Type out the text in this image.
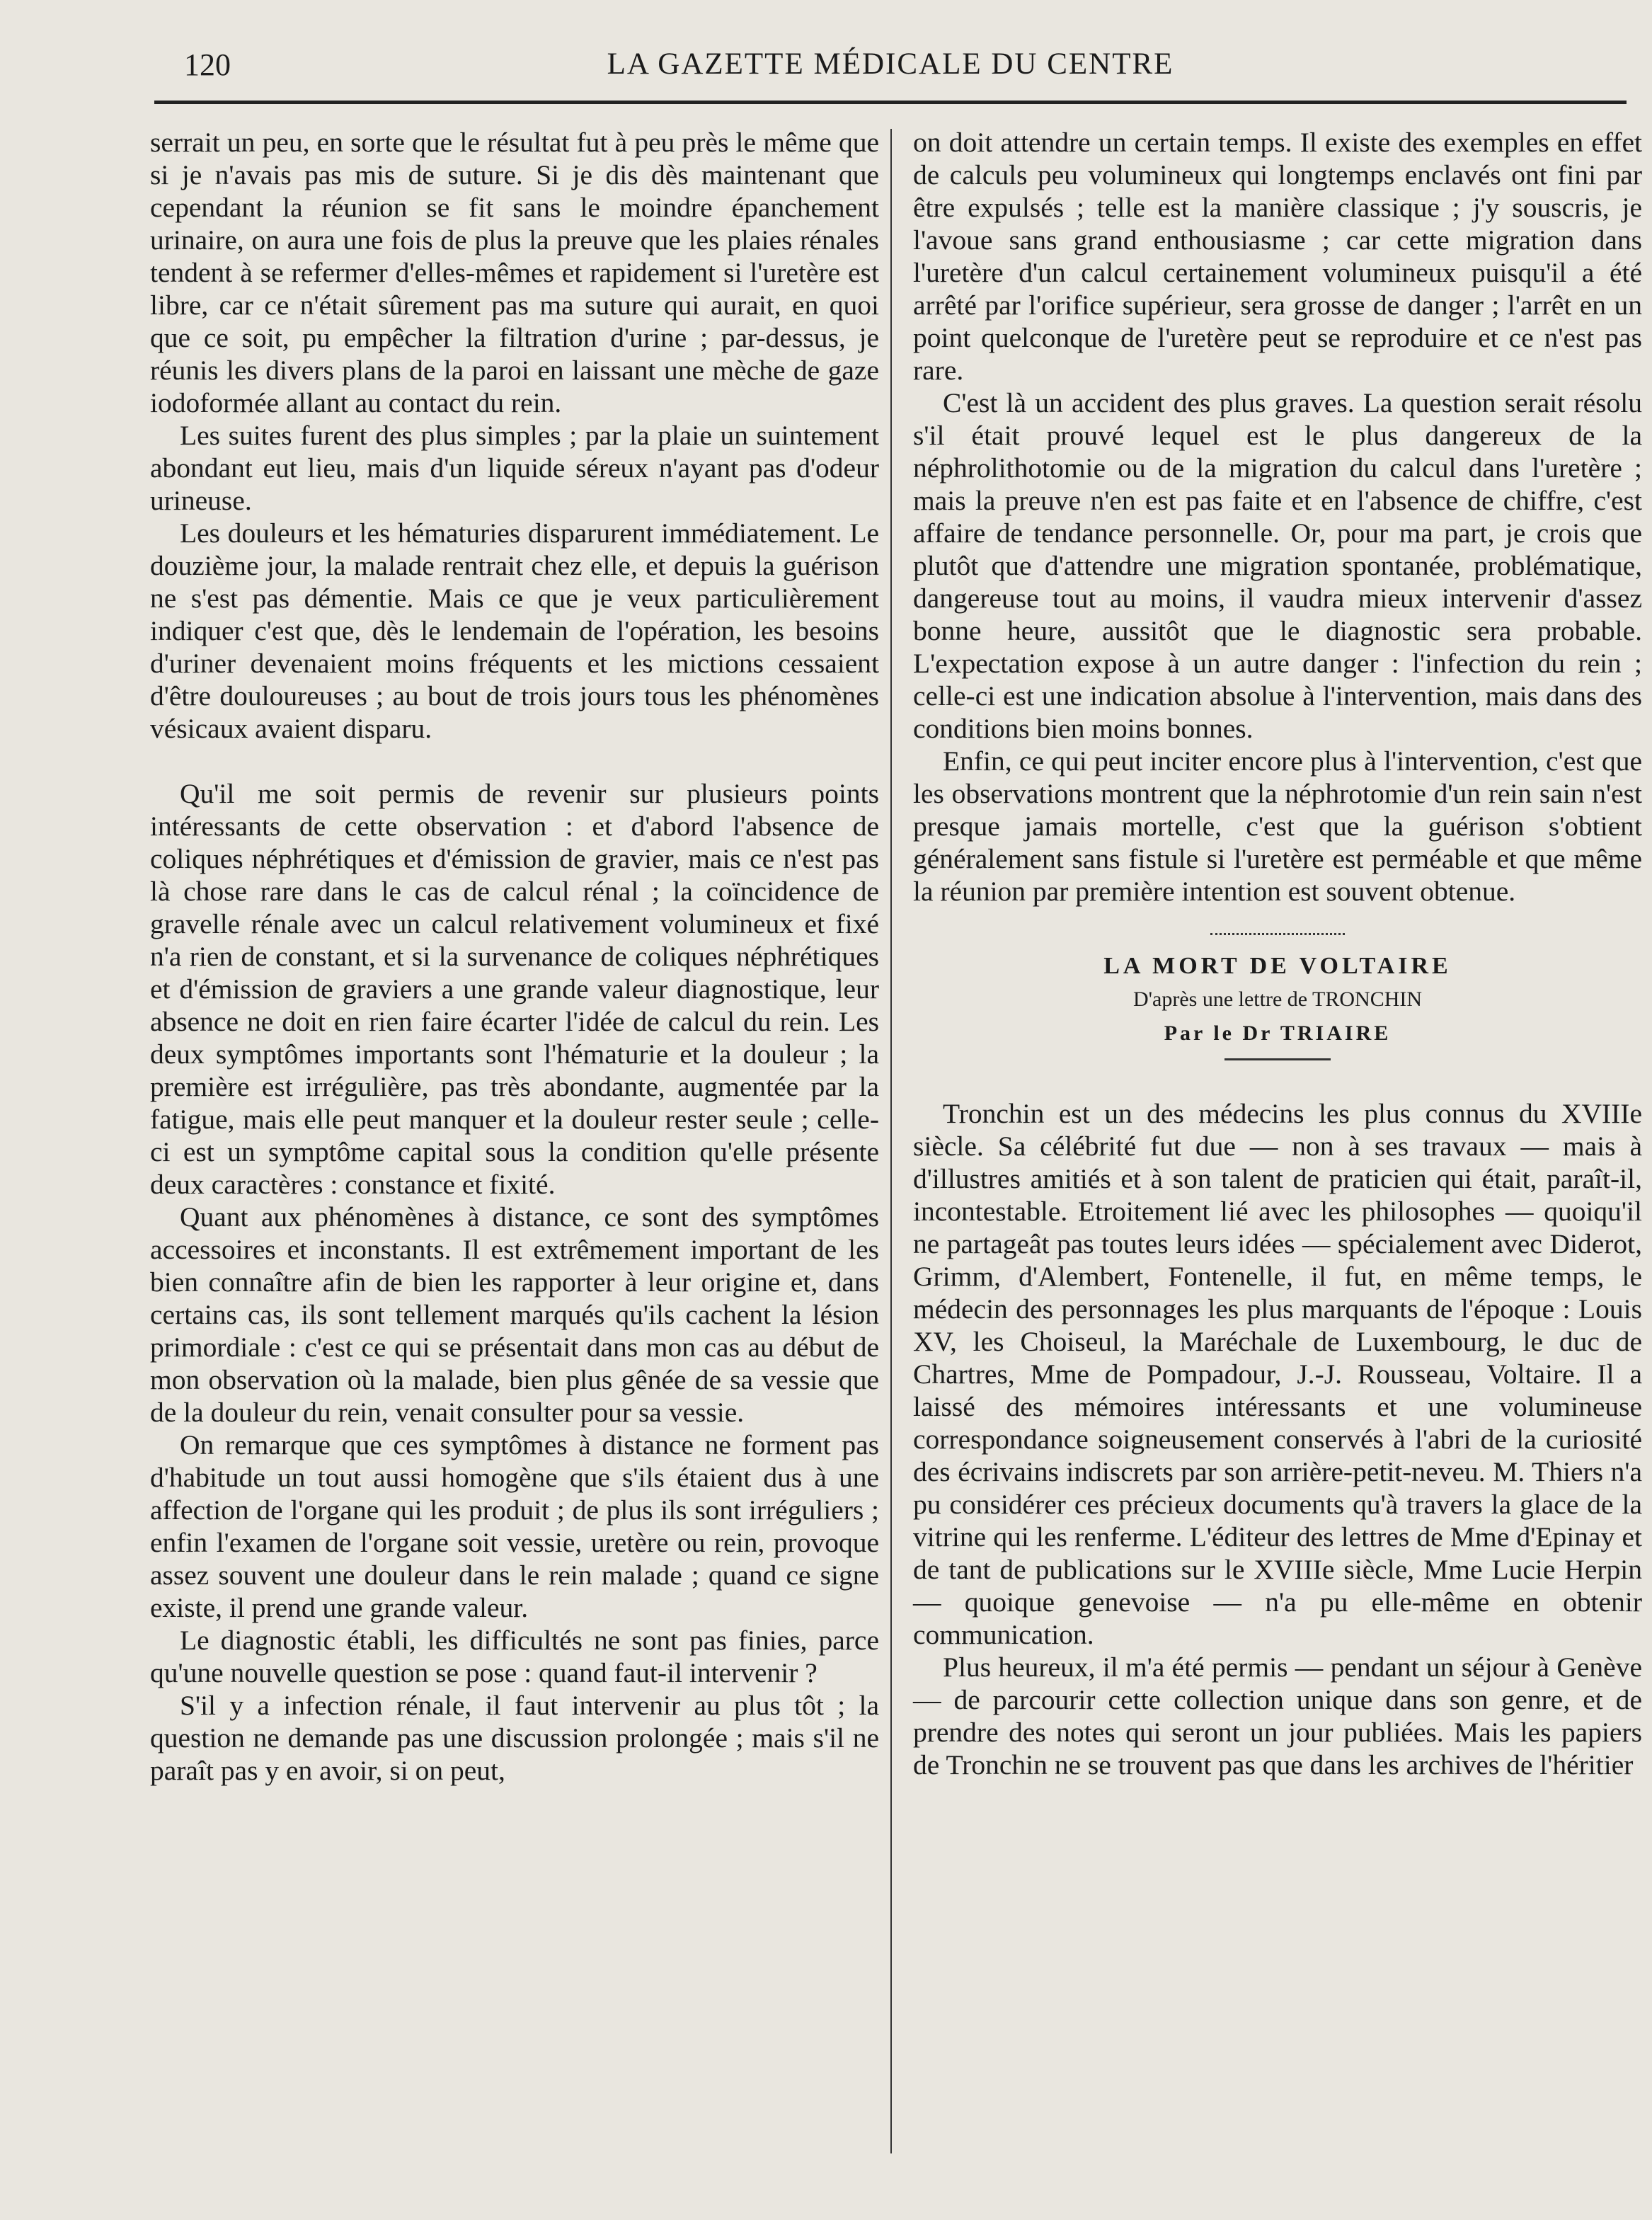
120	LA GAZETTE MÉDICALE DU CENTRE

serrait un peu, en sorte que le résultat fut à peu près le même que si je n'avais pas mis de suture. Si je dis dès maintenant que cependant la réunion se fit sans le moindre épanchement urinaire, on aura une fois de plus la preuve que les plaies rénales tendent à se refermer d'elles-mêmes et rapidement si l'uretère est libre, car ce n'était sûrement pas ma suture qui aurait, en quoi que ce soit, pu empêcher la filtration d'urine ; par-dessus, je réunis les divers plans de la paroi en laissant une mèche de gaze iodoformée allant au contact du rein.

Les suites furent des plus simples ; par la plaie un suintement abondant eut lieu, mais d'un liquide séreux n'ayant pas d'odeur urineuse.

Les douleurs et les hématuries disparurent immédiatement. Le douzième jour, la malade rentrait chez elle, et depuis la guérison ne s'est pas démentie. Mais ce que je veux particulièrement indiquer c'est que, dès le lendemain de l'opération, les besoins d'uriner devenaient moins fréquents et les mictions cessaient d'être douloureuses ; au bout de trois jours tous les phénomènes vésicaux avaient disparu.

Qu'il me soit permis de revenir sur plusieurs points intéressants de cette observation : et d'abord l'absence de coliques néphrétiques et d'émission de gravier, mais ce n'est pas là chose rare dans le cas de calcul rénal ; la coïncidence de gravelle rénale avec un calcul relativement volumineux et fixé n'a rien de constant, et si la survenance de coliques néphrétiques et d'émission de graviers a une grande valeur diagnostique, leur absence ne doit en rien faire écarter l'idée de calcul du rein. Les deux symptômes importants sont l'hématurie et la douleur ; la première est irrégulière, pas très abondante, augmentée par la fatigue, mais elle peut manquer et la douleur rester seule ; celle-ci est un symptôme capital sous la condition qu'elle présente deux caractères : constance et fixité.

Quant aux phénomènes à distance, ce sont des symptômes accessoires et inconstants. Il est extrêmement important de les bien connaître afin de bien les rapporter à leur origine et, dans certains cas, ils sont tellement marqués qu'ils cachent la lésion primordiale : c'est ce qui se présentait dans mon cas au début de mon observation où la malade, bien plus gênée de sa vessie que de la douleur du rein, venait consulter pour sa vessie.

On remarque que ces symptômes à distance ne forment pas d'habitude un tout aussi homogène que s'ils étaient dus à une affection de l'organe qui les produit ; de plus ils sont irréguliers ; enfin l'examen de l'organe soit vessie, uretère ou rein, provoque assez souvent une douleur dans le rein malade ; quand ce signe existe, il prend une grande valeur.

Le diagnostic établi, les difficultés ne sont pas finies, parce qu'une nouvelle question se pose : quand faut-il intervenir ?

S'il y a infection rénale, il faut intervenir au plus tôt ; la question ne demande pas une discussion prolongée ; mais s'il ne paraît pas y en avoir, si on peut,

on doit attendre un certain temps. Il existe des exemples en effet de calculs peu volumineux qui longtemps enclavés ont fini par être expulsés ; telle est la manière classique ; j'y souscris, je l'avoue sans grand enthousiasme ; car cette migration dans l'uretère d'un calcul certainement volumineux puisqu'il a été arrêté par l'orifice supérieur, sera grosse de danger ; l'arrêt en un point quelconque de l'uretère peut se reproduire et ce n'est pas rare.

C'est là un accident des plus graves. La question serait résolu s'il était prouvé lequel est le plus dangereux de la néphrolithotomie ou de la migration du calcul dans l'uretère ; mais la preuve n'en est pas faite et en l'absence de chiffre, c'est affaire de tendance personnelle. Or, pour ma part, je crois que plutôt que d'attendre une migration spontanée, problématique, dangereuse tout au moins, il vaudra mieux intervenir d'assez bonne heure, aussitôt que le diagnostic sera probable. L'expectation expose à un autre danger : l'infection du rein ; celle-ci est une indication absolue à l'intervention, mais dans des conditions bien moins bonnes.

Enfin, ce qui peut inciter encore plus à l'intervention, c'est que les observations montrent que la néphrotomie d'un rein sain n'est presque jamais mortelle, c'est que la guérison s'obtient généralement sans fistule si l'uretère est perméable et que même la réunion par première intention est souvent obtenue.

LA MORT DE VOLTAIRE
D'après une lettre de TRONCHIN
Par le Dr TRIAIRE

Tronchin est un des médecins les plus connus du XVIIIe siècle. Sa célébrité fut due — non à ses travaux — mais à d'illustres amitiés et à son talent de praticien qui était, paraît-il, incontestable. Etroitement lié avec les philosophes — quoiqu'il ne partageât pas toutes leurs idées — spécialement avec Diderot, Grimm, d'Alembert, Fontenelle, il fut, en même temps, le médecin des personnages les plus marquants de l'époque : Louis XV, les Choiseul, la Maréchale de Luxembourg, le duc de Chartres, Mme de Pompadour, J.-J. Rousseau, Voltaire. Il a laissé des mémoires intéressants et une volumineuse correspondance soigneusement conservés à l'abri de la curiosité des écrivains indiscrets par son arrière-petit-neveu. M. Thiers n'a pu considérer ces précieux documents qu'à travers la glace de la vitrine qui les renferme. L'éditeur des lettres de Mme d'Epinay et de tant de publications sur le XVIIIe siècle, Mme Lucie Herpin — quoique genevoise — n'a pu elle-même en obtenir communication.

Plus heureux, il m'a été permis — pendant un séjour à Genève — de parcourir cette collection unique dans son genre, et de prendre des notes qui seront un jour publiées. Mais les papiers de Tronchin ne se trouvent pas que dans les archives de l'héritier
